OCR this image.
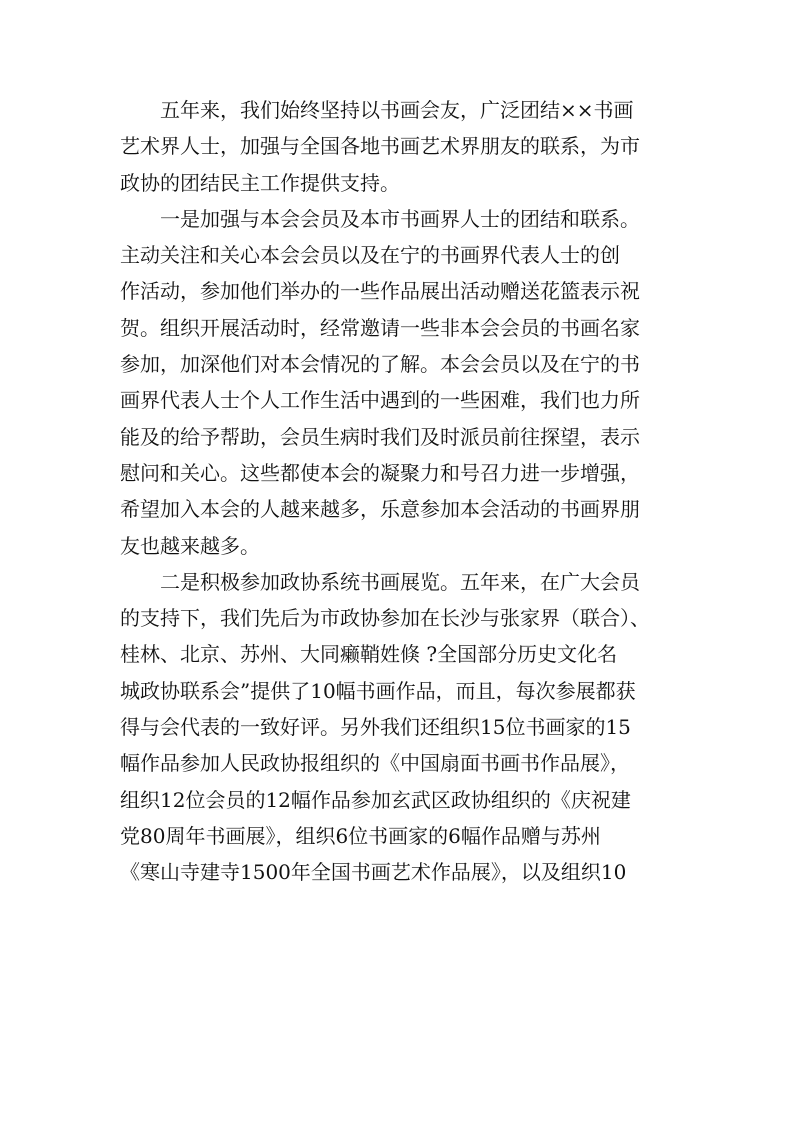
五年来，我们始终坚持以书画会友，广泛团结××书画
艺术界人士，加强与全国各地书画艺术界朋友的联系，为市
政协的团结民主工作提供支持。
一是加强与本会会员及本市书画界人士的团结和联系。
主动关注和关心本会会员以及在宁的书画界代表人士的创
作活动，参加他们举办的一些作品展出活动赠送花篮表示祝
贺。组织开展活动时，经常邀请一些非本会会员的书画名家
参加，加深他们对本会情况的了解。本会会员以及在宁的书
画界代表人士个人工作生活中遇到的一些困难，我们也力所
能及的给予帮助，会员生病时我们及时派员前往探望，表示
慰问和关心。这些都使本会的凝聚力和号召力进一步增强，
希望加入本会的人越来越多，乐意参加本会活动的书画界朋
友也越来越多。
二是积极参加政协系统书画展览。五年来，在广大会员
的支持下，我们先后为市政协参加在长沙与张家界（联合）、
桂林、北京、苏州、大同癞鞘姓倏 ?全国部分历史文化名
城政协联系会”提供了10幅书画作品，而且，每次参展都获
得与会代表的一致好评。另外我们还组织15位书画家的15
幅作品参加人民政协报组织的《中国扇面书画书作品展》，
组织12位会员的12幅作品参加玄武区政协组织的《庆祝建
党80周年书画展》，组织6位书画家的6幅作品赠与苏州
《寒山寺建寺1500年全国书画艺术作品展》，以及组织10
